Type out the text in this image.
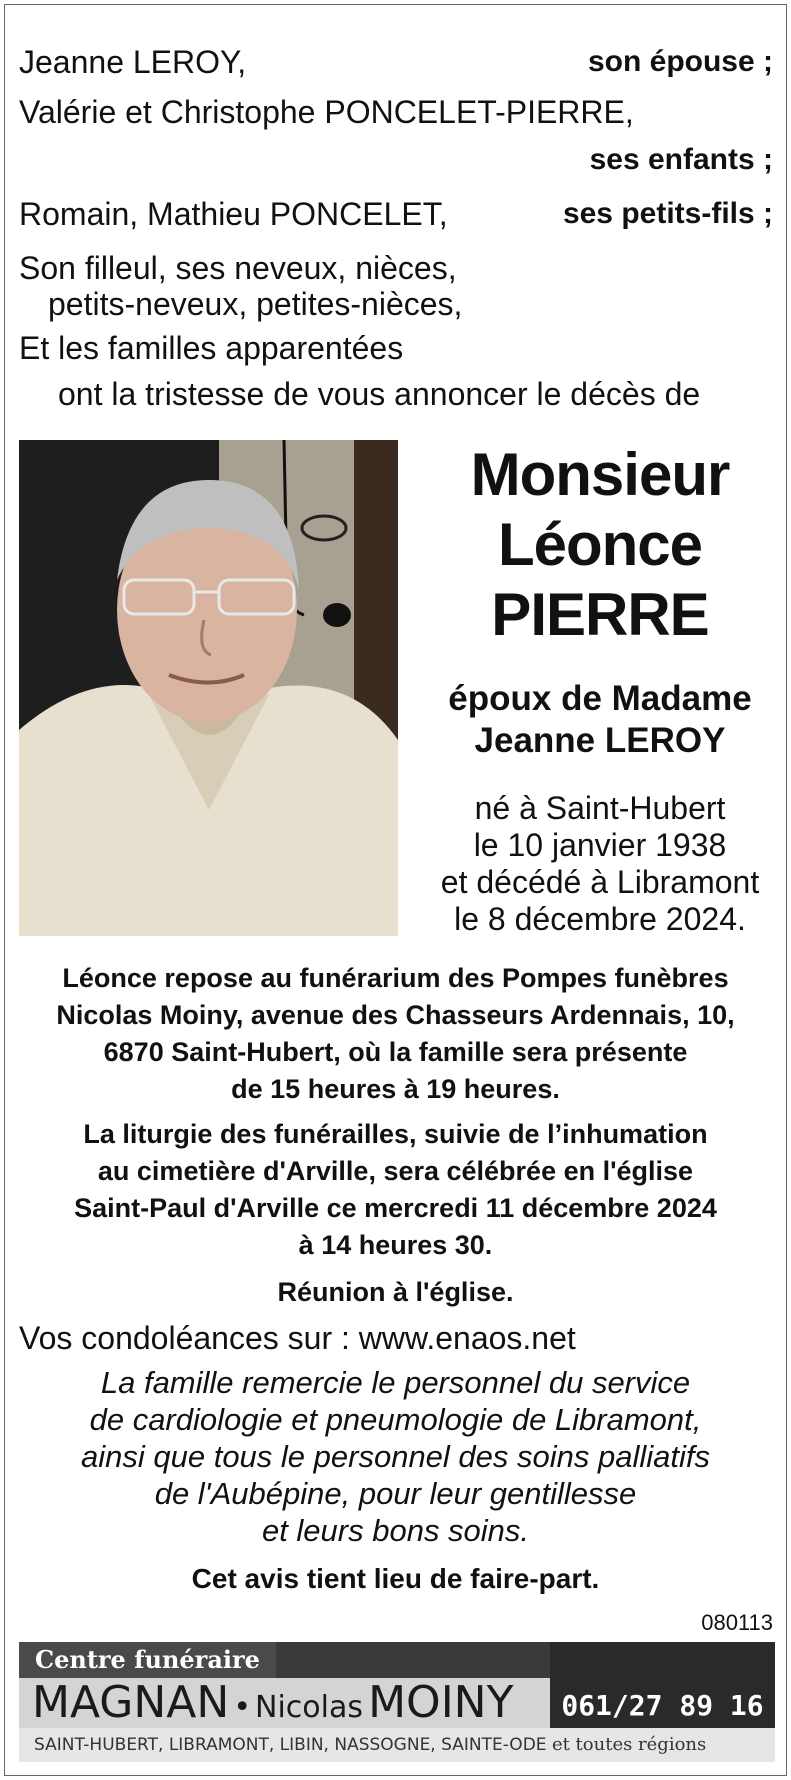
Jeanne LEROY,	son épouse ;
Valérie et Christophe PONCELET-PIERRE,
ses enfants ;
Romain, Mathieu PONCELET,	ses petits-fils ;
Son filleul, ses neveux, nièces,
petits-neveux, petites-nièces,
Et les familles apparentées
ont la tristesse de vous annoncer le décès de
Monsieur
Léonce
PIERRE
époux de Madame
Jeanne LEROY
né à Saint-Hubert
le 10 janvier 1938
et décédé à Libramont
le 8 décembre 2024.
Léonce repose au funérarium des Pompes funèbres
Nicolas Moiny, avenue des Chasseurs Ardennais, 10,
6870 Saint-Hubert, où la famille sera présente
de 15 heures à 19 heures.
La liturgie des funérailles, suivie de l’inhumation
au cimetière d'Arville, sera célébrée en l'église
Saint-Paul d'Arville ce mercredi 11 décembre 2024
à 14 heures 30.
Réunion à l'église.
Vos condoléances sur : www.enaos.net
La famille remercie le personnel du service
de cardiologie et pneumologie de Libramont,
ainsi que tous le personnel des soins palliatifs
de l'Aubépine, pour leur gentillesse
et leurs bons soins.
Cet avis tient lieu de faire-part.
080113
Centre funéraire
MAGNAN • Nicolas MOINY	061/27 89 16
SAINT-HUBERT, LIBRAMONT, LIBIN, NASSOGNE, SAINTE-ODE et toutes régions
